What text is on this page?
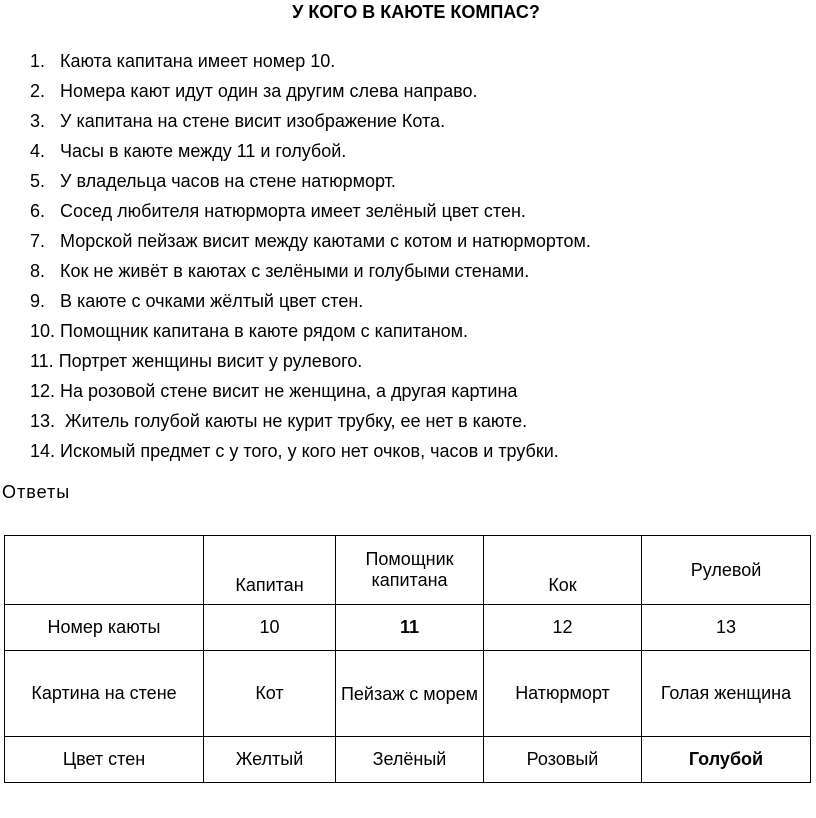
У КОГО В КАЮТЕ КОМПАС?
1.   Каюта капитана имеет номер 10.
2.   Номера кают идут один за другим слева направо.
3.   У капитана на стене висит изображение Кота.
4.   Часы в каюте между 11 и голубой.
5.   У владельца часов на стене натюрморт.
6.   Сосед любителя натюрморта имеет зелёный цвет стен.
7.   Морской пейзаж висит между каютами с котом и натюрмортом.
8.   Кок не живёт в каютах с зелёными и голубыми стенами.
9.   В каюте с очками жёлтый цвет стен.
10. Помощник капитана в каюте рядом с капитаном.
11. Портрет женщины висит у рулевого.
12. На розовой стене висит не женщина, а другая картина
13.  Житель голубой каюты не курит трубку, ее нет в каюте.
14. Искомый предмет с у того, у кого нет очков, часов и трубки.
Ответы
	Капитан	Помощник капитана	Кок	Рулевой
Номер каюты	10	11	12	13
Картина на стене	Кот	Пейзаж с морем	Натюрморт	Голая женщина
Цвет стен	Желтый	Зелёный	Розовый	Голубой
